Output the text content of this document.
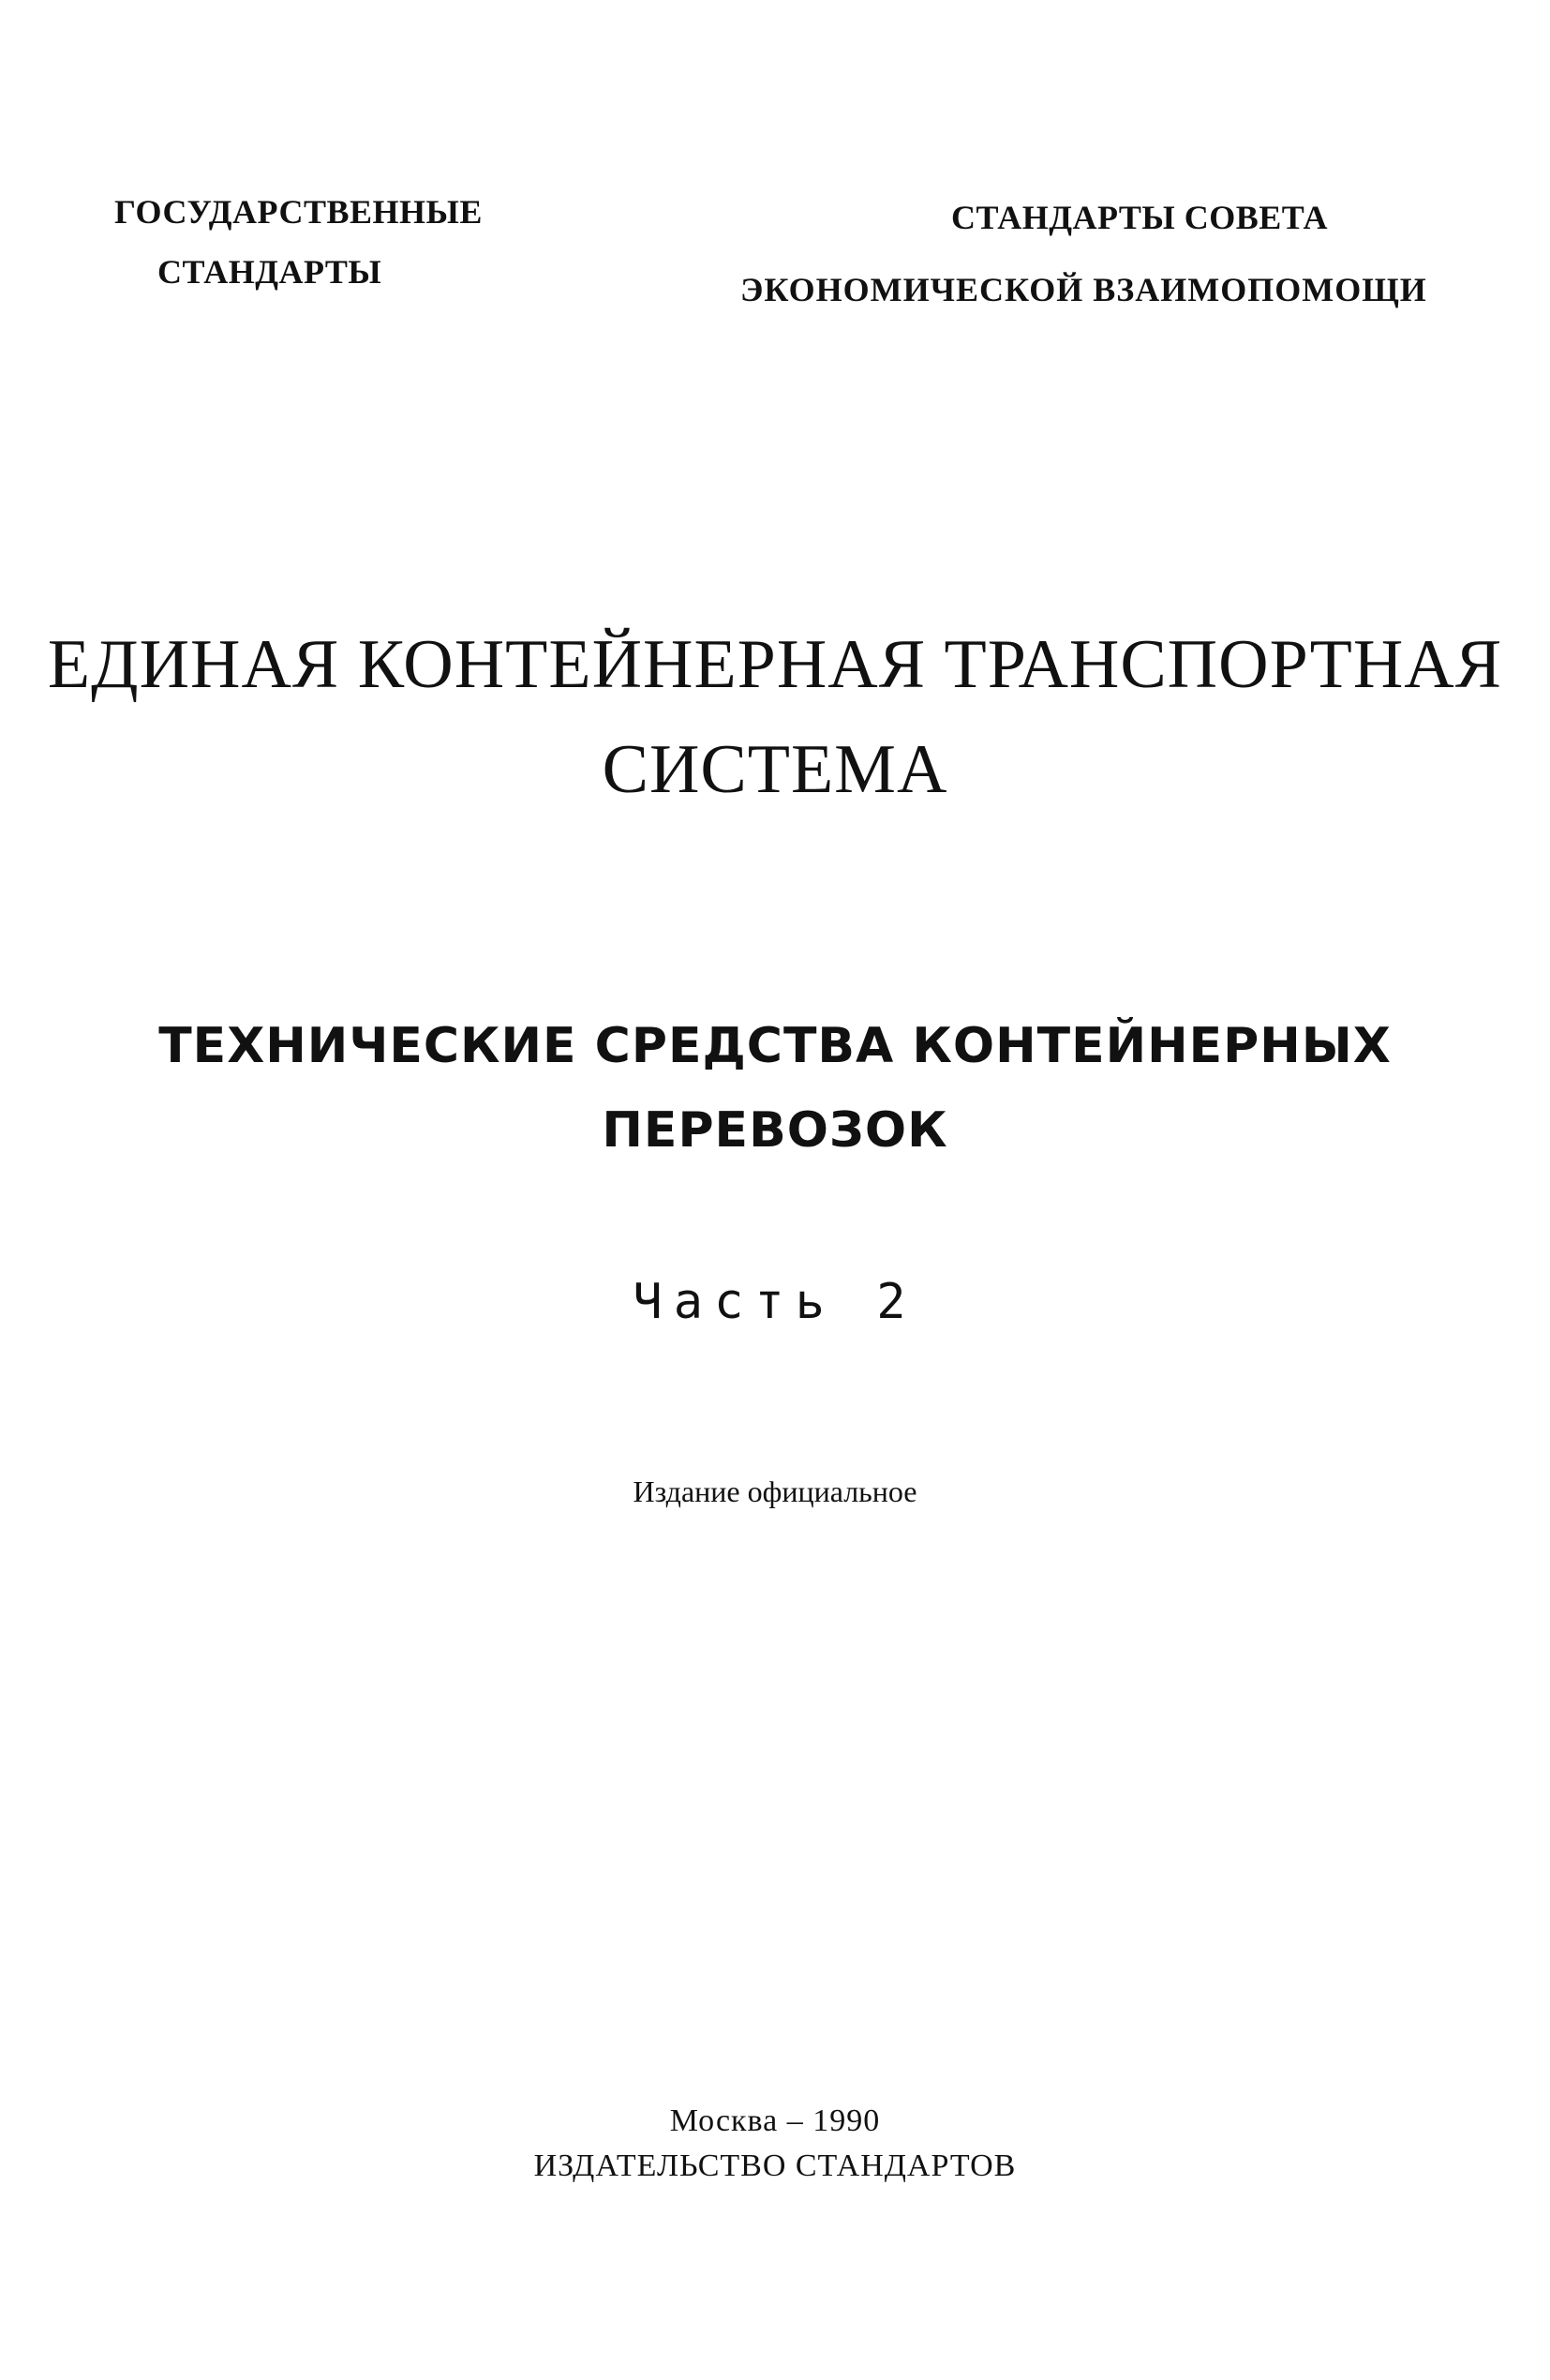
ГОСУДАРСТВЕННЫЕ
СТАНДАРТЫ
СТАНДАРТЫ СОВЕТА
ЭКОНОМИЧЕСКОЙ ВЗАИМОПОМОЩИ
ЕДИНАЯ КОНТЕЙНЕРНАЯ ТРАНСПОРТНАЯ
СИСТЕМА
ТЕХНИЧЕСКИЕ СРЕДСТВА КОНТЕЙНЕРНЫХ
ПЕРЕВОЗОК
Часть 2
Издание официальное
Москва – 1990
ИЗДАТЕЛЬСТВО СТАНДАРТОВ
